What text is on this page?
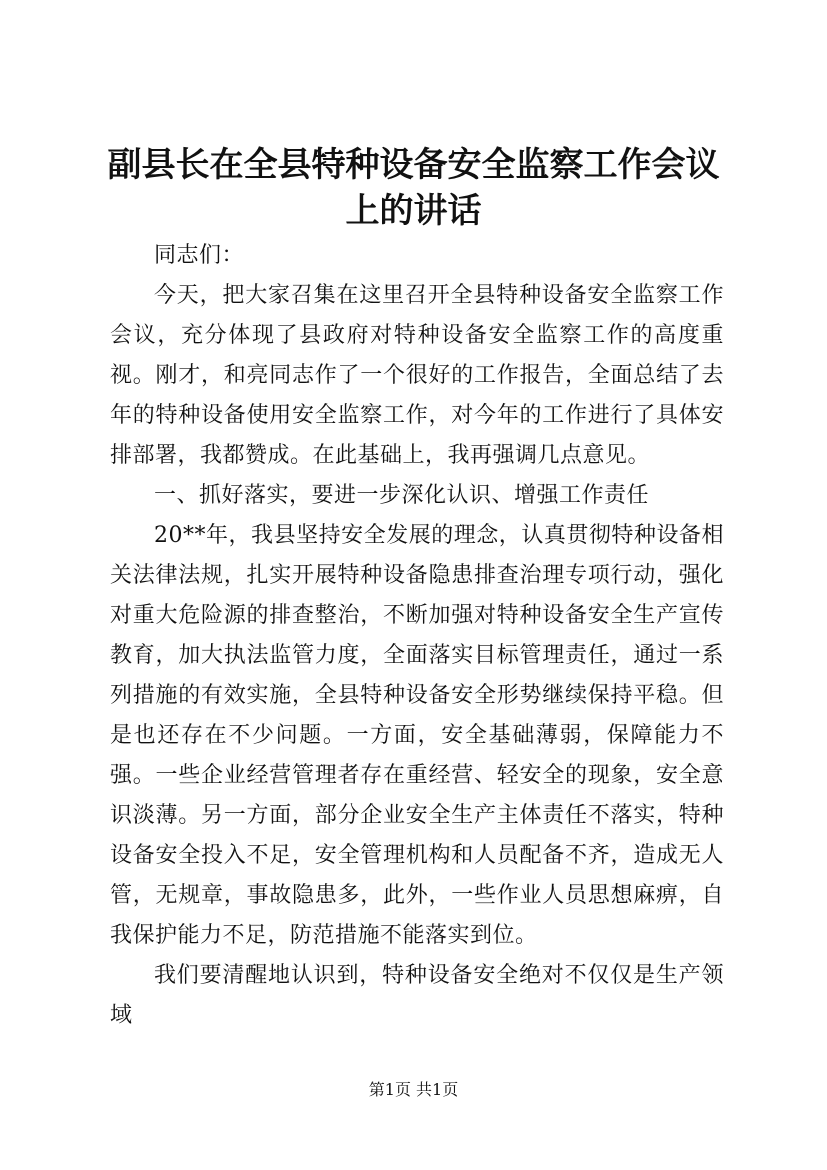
副县长在全县特种设备安全监察工作会议上的讲话

同志们：

今天，把大家召集在这里召开全县特种设备安全监察工作会议，充分体现了县政府对特种设备安全监察工作的高度重视。刚才，和亮同志作了一个很好的工作报告，全面总结了去年的特种设备使用安全监察工作，对今年的工作进行了具体安排部署，我都赞成。在此基础上，我再强调几点意见。

一、抓好落实，要进一步深化认识、增强工作责任

20**年，我县坚持安全发展的理念，认真贯彻特种设备相关法律法规，扎实开展特种设备隐患排查治理专项行动，强化对重大危险源的排查整治，不断加强对特种设备安全生产宣传教育，加大执法监管力度，全面落实目标管理责任，通过一系列措施的有效实施，全县特种设备安全形势继续保持平稳。但是也还存在不少问题。一方面，安全基础薄弱，保障能力不强。一些企业经营管理者存在重经营、轻安全的现象，安全意识淡薄。另一方面，部分企业安全生产主体责任不落实，特种设备安全投入不足，安全管理机构和人员配备不齐，造成无人管，无规章，事故隐患多，此外，一些作业人员思想麻痹，自我保护能力不足，防范措施不能落实到位。

我们要清醒地认识到，特种设备安全绝对不仅仅是生产领域

第1页 共1页
